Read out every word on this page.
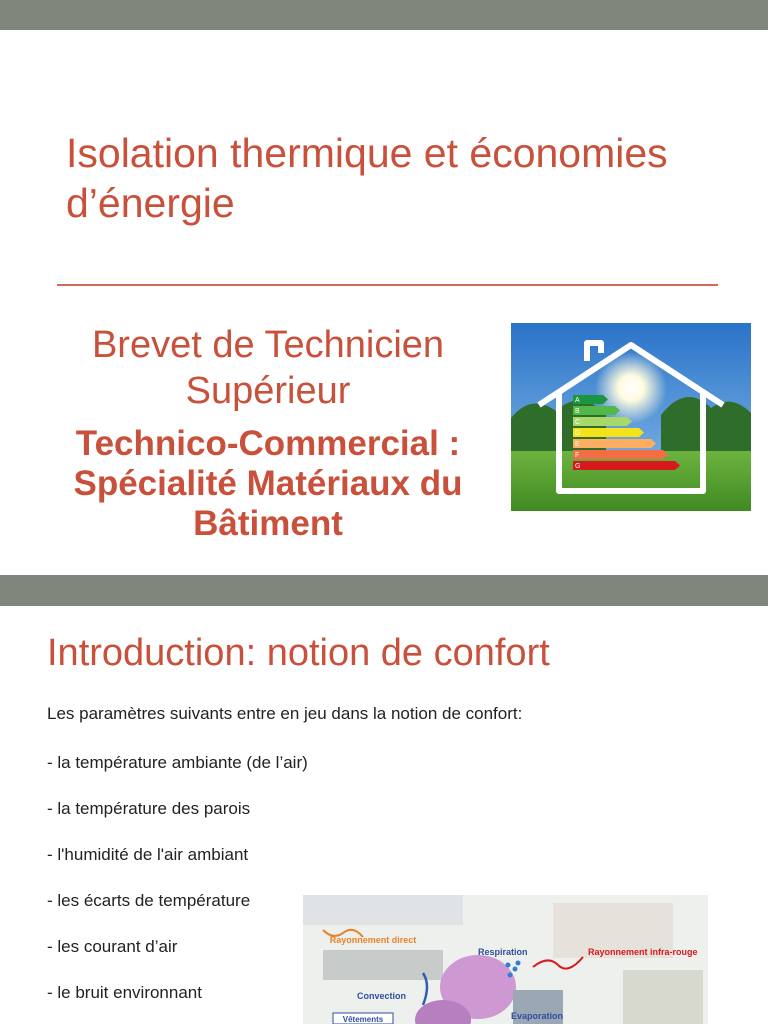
Isolation thermique et économies d’énergie

Brevet de Technicien
Supérieur

Technico-Commercial : Spécialité Matériaux du Bâtiment

A
B
C
D
E
F
G
Introduction: notion de confort

Les paramètres suivants entre en jeu dans la notion de confort:

- la température ambiante (de l’air)
- la température des parois
- l'humidité de l'air ambiant
- les écarts de température
- les courant d’air
- le bruit environnant
Rayonnement direct
Respiration	Rayonnement infra-rouge
Convection
Evaporation
Vêtements
